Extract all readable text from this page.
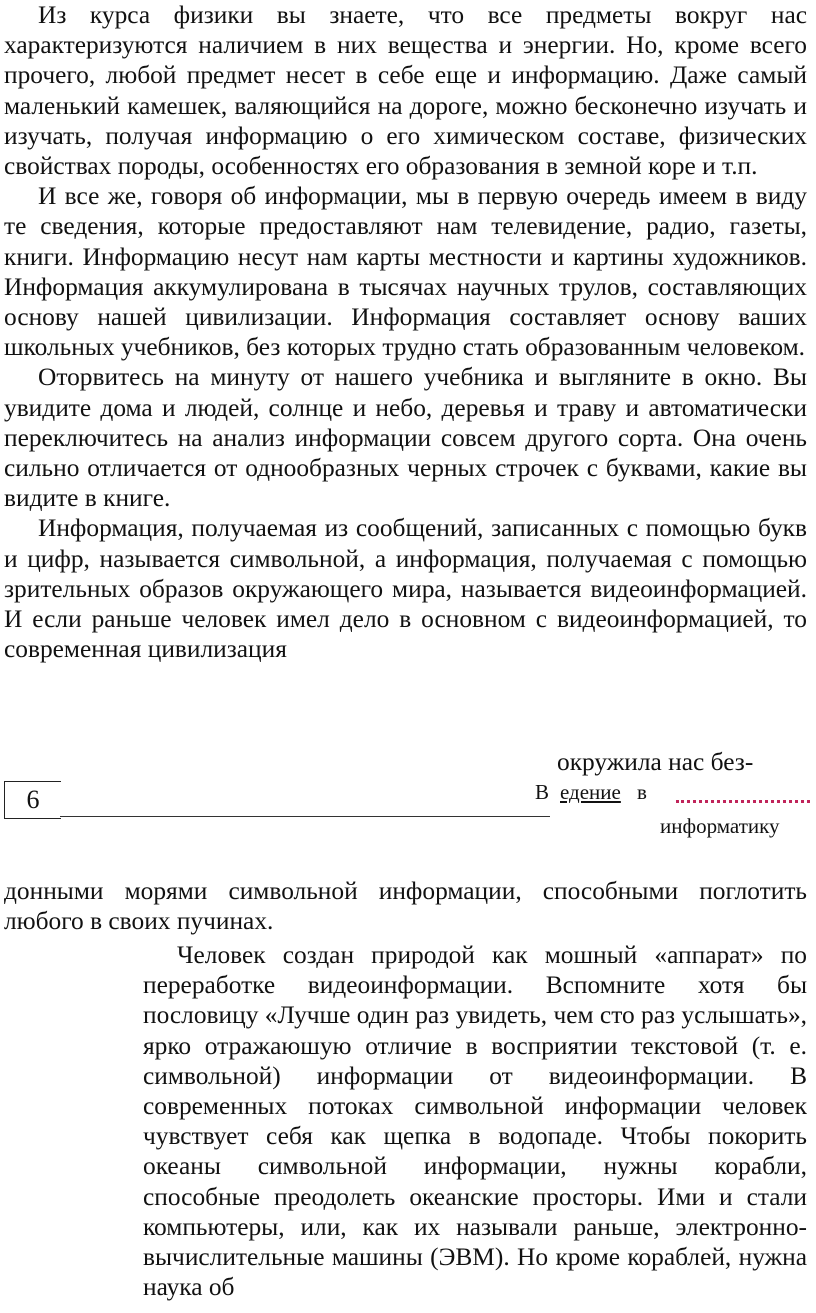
Из курса физики вы знаете, что все предметы вокруг нас характеризуются наличием в них вещества и энергии. Но, кроме всего прочего, любой предмет несет в себе еще и информацию. Даже самый маленький камешек, валяющийся на дороге, можно бесконечно изучать и изучать, получая информацию о его химическом составе, физических свойствах породы, особенностях его образования в земной коре и т.п.

И все же, говоря об информации, мы в первую очередь имеем в виду те сведения, которые предоставляют нам телевидение, радио, газеты, книги. Информацию несут нам карты местности и картины художников. Информация аккумулирована в тысячах научных трулов, составляющих основу нашей цивилизации. Информация составляет основу ваших школьных учебников, без которых трудно стать образованным человеком.

Оторвитесь на минуту от нашего учебника и выгляните в окно. Вы увидите дома и людей, солнце и небо, деревья и траву и автоматически переключитесь на анализ информации совсем другого сорта. Она очень сильно отличается от однообразных черных строчек с буквами, какие вы видите в книге.

Информация, получаемая из сообщений, записанных с помощью букв и цифр, называется символьной, а информация, получаемая с помощью зрительных образов окружающего мира, называется видеоинформацией. И если раньше человек имел дело в основном с видеоинформацией, то современная цивилизация

окружила нас без-
6	В едение в
информатику

донными морями символьной информации, способными поглотить любого в своих пучинах.

Человек создан природой как мошный «аппарат» по переработке видеоинформации. Вспомните хотя бы пословицу «Лучше один раз увидеть, чем сто раз услышать», ярко отражаюшую отличие в восприятии текстовой (т. е. символьной) информации от видеоинформации. В современных потоках символьной информации человек чувствует себя как щепка в водопаде. Чтобы покорить океаны символьной информации, нужны корабли, способные преодолеть океанские просторы. Ими и стали компьютеры, или, как их называли раньше, электронно-вычислительные машины (ЭВМ). Но кроме кораблей, нужна наука об
